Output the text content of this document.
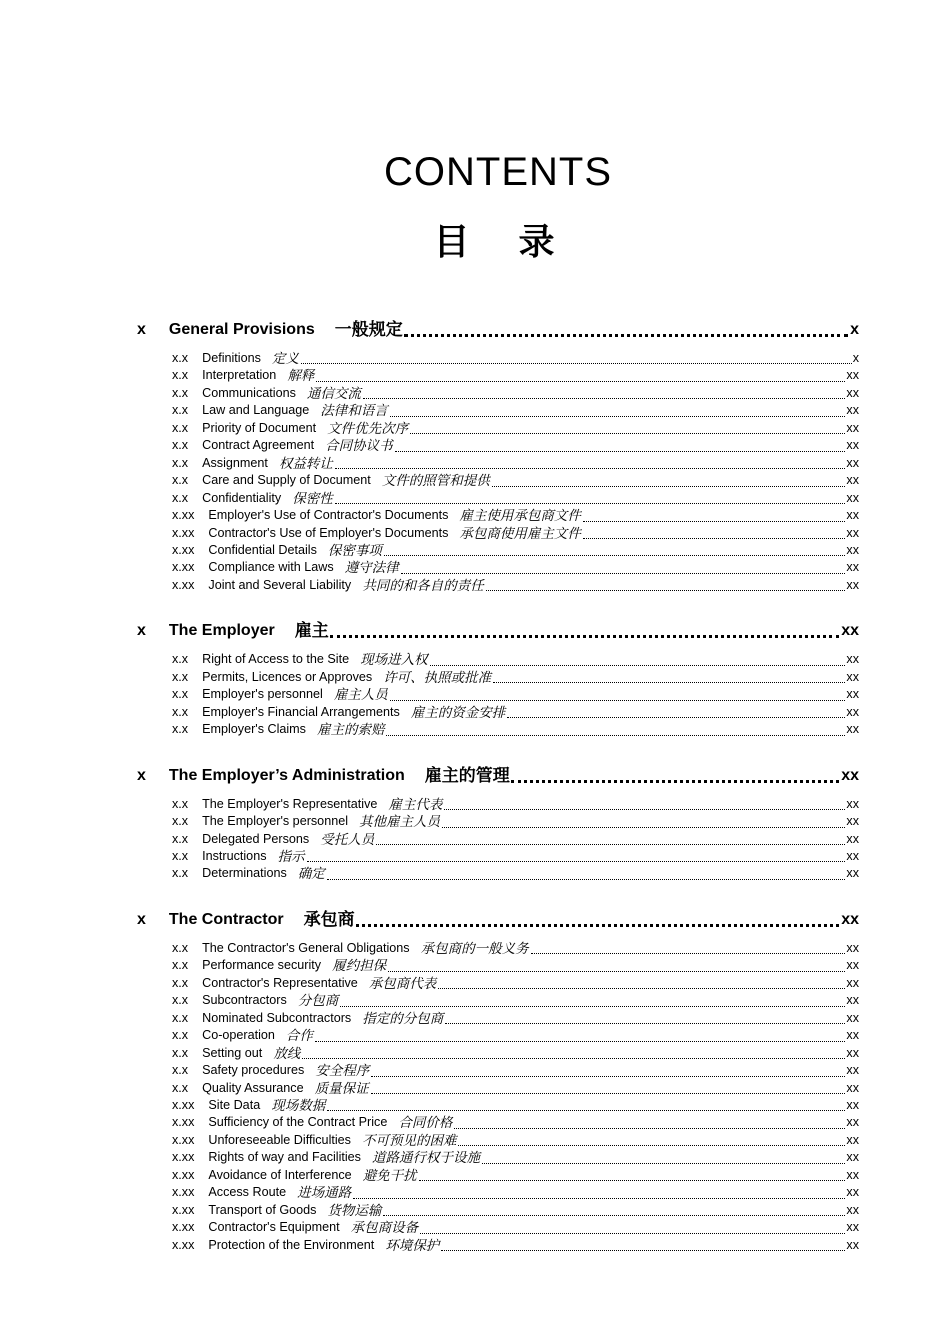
CONTENTS
目  录
x General Provisions 一般规定	x
x.x Definitions 定义	x
x.x Interpretation 解释	xx
x.x Communications 通信交流	xx
x.x Law and Language 法律和语言	xx
x.x Priority of Document 文件优先次序	xx
x.x Contract Agreement 合同协议书	xx
x.x Assignment 权益转让	xx
x.x Care and Supply of Document 文件的照管和提供	xx
x.x Confidentiality 保密性	xx
x.xx Employer's Use of Contractor's Documents 雇主使用承包商文件	xx
x.xx Contractor's Use of Employer's Documents 承包商使用雇主文件	xx
x.xx Confidential Details 保密事项	xx
x.xx Compliance with Laws 遵守法律	xx
x.xx Joint and Several Liability 共同的和各自的责任	xx
x The Employer 雇主	xx
x.x Right of Access to the Site 现场进入权	xx
x.x Permits, Licences or Approves 许可、执照或批准	xx
x.x Employer's personnel 雇主人员	xx
x.x Employer's Financial Arrangements 雇主的资金安排	xx
x.x Employer's Claims 雇主的索赔	xx
x The Employer’s Administration 雇主的管理	xx
x.x The Employer's Representative 雇主代表	xx
x.x The Employer's personnel 其他雇主人员	xx
x.x Delegated Persons 受托人员	xx
x.x Instructions 指示	xx
x.x Determinations 确定	xx
x The Contractor 承包商	xx
x.x The Contractor's General Obligations 承包商的一般义务	xx
x.x Performance security 履约担保	xx
x.x Contractor's Representative 承包商代表	xx
x.x Subcontractors 分包商	xx
x.x Nominated Subcontractors 指定的分包商	xx
x.x Co-operation 合作	xx
x.x Setting out 放线	xx
x.x Safety procedures 安全程序	xx
x.x Quality Assurance 质量保证	xx
x.xx Site Data 现场数据	xx
x.xx Sufficiency of the Contract Price 合同价格	xx
x.xx Unforeseeable Difficulties 不可预见的困难	xx
x.xx Rights of way and Facilities 道路通行权于设施	xx
x.xx Avoidance of Interference 避免干扰	xx
x.xx Access Route 进场通路	xx
x.xx Transport of Goods 货物运输	xx
x.xx Contractor's Equipment 承包商设备	xx
x.xx Protection of the Environment 环境保护	xx
